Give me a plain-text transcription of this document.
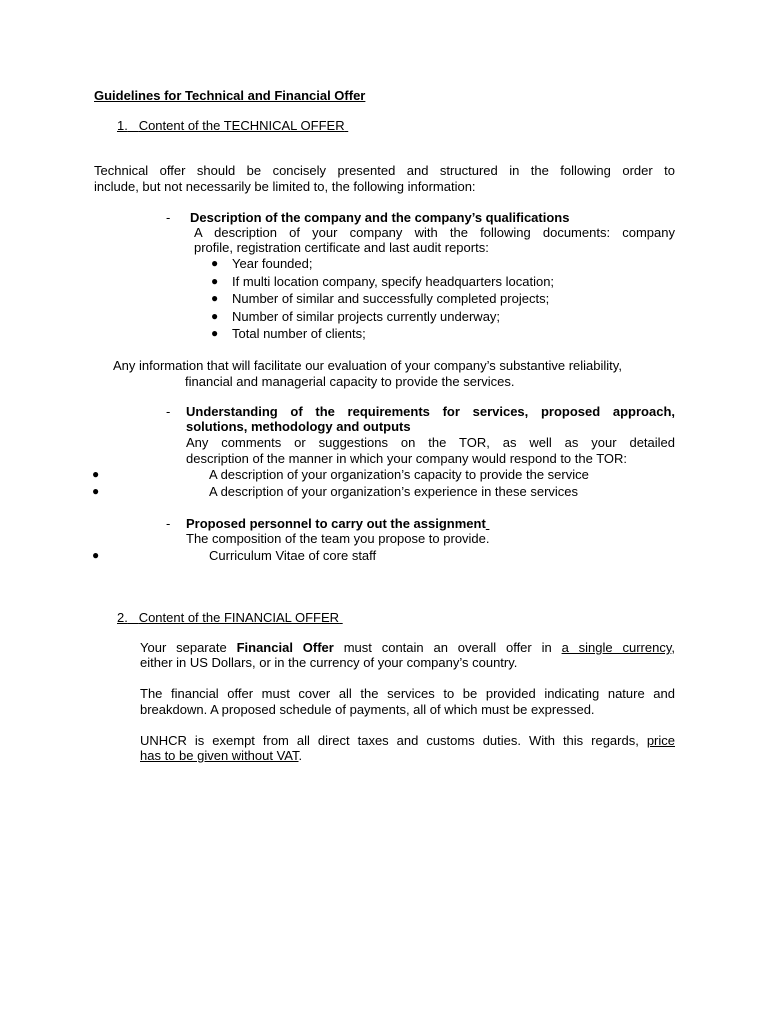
Guidelines for Technical and Financial Offer
1. Content of the TECHNICAL OFFER
Technical offer should be concisely presented and structured in the following order to
include, but not necessarily be limited to, the following information:
- Description of the company and the company’s qualifications
A description of your company with the following documents: company
profile, registration certificate and last audit reports:
● Year founded;
● If multi location company, specify headquarters location;
● Number of similar and successfully completed projects;
● Number of similar projects currently underway;
● Total number of clients;
Any information that will facilitate our evaluation of your company’s substantive reliability,
financial and managerial capacity to provide the services.
- Understanding of the requirements for services, proposed approach,
solutions, methodology and outputs
Any comments or suggestions on the TOR, as well as your detailed
description of the manner in which your company would respond to the TOR:
●	A description of your organization’s capacity to provide the service
●	A description of your organization’s experience in these services
- Proposed personnel to carry out the assignment
The composition of the team you propose to provide.
●	Curriculum Vitae of core staff
2. Content of the FINANCIAL OFFER
Your separate Financial Offer must contain an overall offer in a single currency,
either in US Dollars, or in the currency of your company’s country.
The financial offer must cover all the services to be provided indicating nature and
breakdown. A proposed schedule of payments, all of which must be expressed.
UNHCR is exempt from all direct taxes and customs duties. With this regards, price
has to be given without VAT.
